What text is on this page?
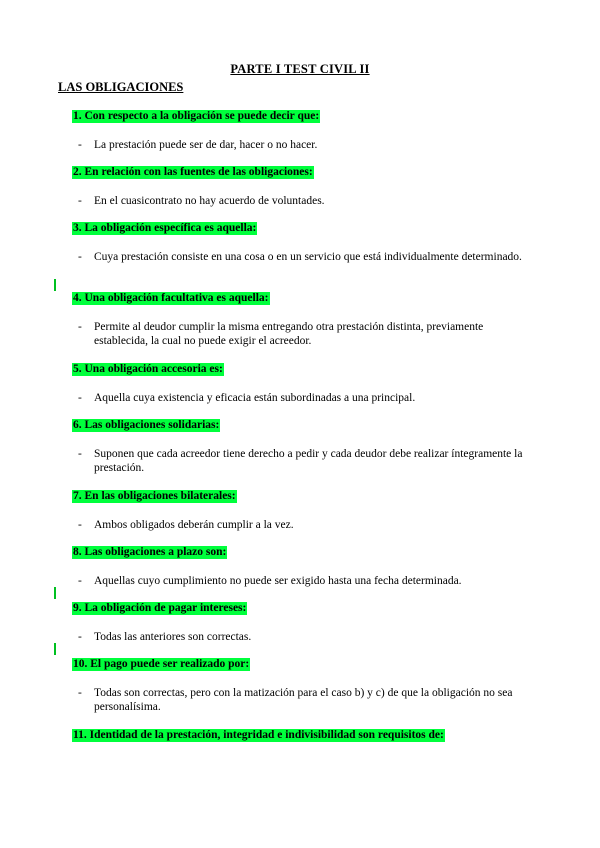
PARTE I TEST CIVIL II
LAS OBLIGACIONES
1. Con respecto a la obligación se puede decir que:
- La prestación puede ser de dar, hacer o no hacer.
2. En relación con las fuentes de las obligaciones:
- En el cuasicontrato no hay acuerdo de voluntades.
3. La obligación específica es aquella:
- Cuya prestación consiste en una cosa o en un servicio que está individualmente determinado.
4. Una obligación facultativa es aquella:
- Permite al deudor cumplir la misma entregando otra prestación distinta, previamente establecida, la cual no puede exigir el acreedor.
5. Una obligación accesoria es:
- Aquella cuya existencia y eficacia están subordinadas a una principal.
6. Las obligaciones solidarias:
- Suponen que cada acreedor tiene derecho a pedir y cada deudor debe realizar íntegramente la prestación.
7. En las obligaciones bilaterales:
- Ambos obligados deberán cumplir a la vez.
8. Las obligaciones a plazo son:
- Aquellas cuyo cumplimiento no puede ser exigido hasta una fecha determinada.
9. La obligación de pagar intereses:
- Todas las anteriores son correctas.
10. El pago puede ser realizado por:
- Todas son correctas, pero con la matización para el caso b) y c) de que la obligación no sea personalísima.
11. Identidad de la prestación, integridad e indivisibilidad son requisitos de:
